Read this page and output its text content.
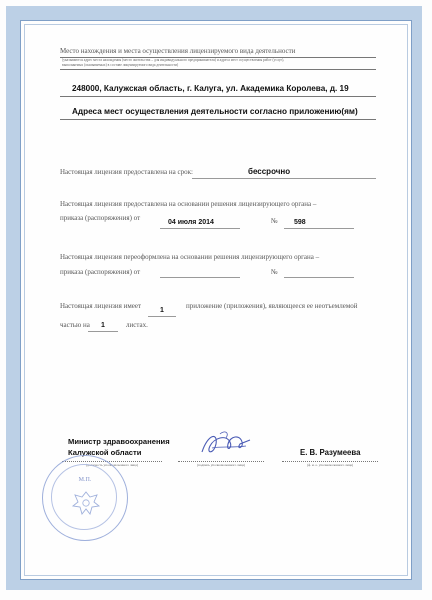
Место нахождения и места осуществления лицензируемого вида деятельности
(указываются адрес места нахождения (место жительства – для индивидуального предпринимателя) и адреса мест осуществления работ (услуг),
выполняемых (оказываемых) в составе лицензируемого вида деятельности)
248000, Калужская область, г. Калуга, ул. Академика Королева, д. 19
Адреса мест осуществления деятельности согласно приложению(ям)
Настоящая лицензия предоставлена на срок:	бессрочно
Настоящая лицензия предоставлена на основании решения лицензирующего органа –
приказа (распоряжения) от
04 июля 2014	№ 598
Настоящая лицензия переоформлена на основании решения лицензирующего органа –
приказа (распоряжения) от	№
Настоящая лицензия имеет
1
приложение (приложения), являющееся ее неотъемлемой
частью на 1	листах.
Министр здравоохранения
Калужской области
(должность уполномоченного лица)	(подпись уполномоченного лица)
Е. В. Разумеева
(ф. и. о. уполномоченного лица)
М.П.
